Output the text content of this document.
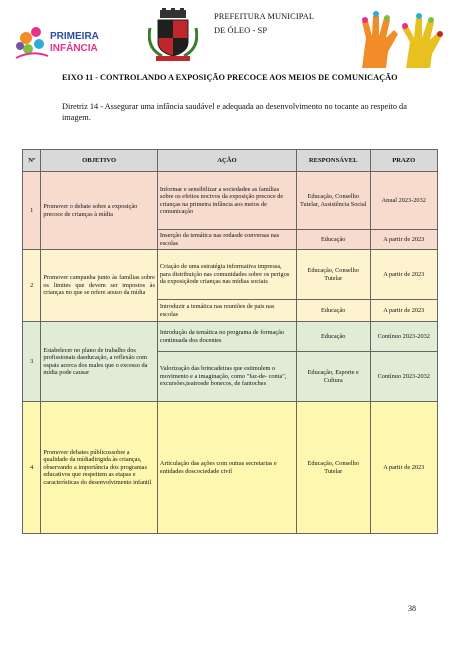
PRIMEIRA
INFÂNCIA
PREFEITURA MUNICIPAL
DE ÓLEO - SP
EIXO 11 - CONTROLANDO A EXPOSIÇÃO PRECOCE AOS MEIOS DE COMUNICAÇÃO
Diretriz 14 - Assegurar uma infância saudável e adequada ao desenvolvimento no tocante ao respeito da imagem.
Nº	OBJETIVO	AÇÃO	RESPONSÁVEL	PRAZO
1	Promover o debate sobre a exposição precoce de crianças à mídia	Informar e sensibilizar a sociedadee as famílias sobre os efeitos nocivos da exposição precoce de crianças na primeira infância aos meios de comunicação	Educação, Conselho Tutelar, Assistência Social	Anual 2023-2032
		Inserção da temática nas rodasde conversas nas escolas	Educação	A partir de 2023
2	Promover campanha junto às famílias sobre os limites que devem ser impostos às crianças no que se refere aouso da mídia	Criação de uma estratégia informativa impressa, para distribuição nas comunidades sobre os perigos da exposiçãode crianças nas mídias sociais	Educação, Conselho Tutelar	A partir de 2023
		Introduzir a temática nas reuniões de pais nas escolas	Educação	A partir de 2023
3	Estabelecer no plano de trabalho dos profissionais daeducação, a reflexão com ospais acerca dos males que o excesso da mídia pode causar	Introdução da temática no programa de formação continuada dos docentes	Educação	Contínuo 2023-2032
		Valorização das brincadeiras que estimulem o movimento e a imaginação, como "faz-de- conta", excursões,teatrosde bonecos, de fantoches	Educação, Esporte e Cultura	Contínuo 2023-2032
4	Promover debates públicossobre a qualidade da mídiadirigida às crianças, observando a importância dos programas educativos que respeitem as etapas e características do desenvolvimento infantil	Articulação das ações com outras secretarias e entidades doscociedade civil	Educação, Conselho Tutelar	A partir de 2023
38
